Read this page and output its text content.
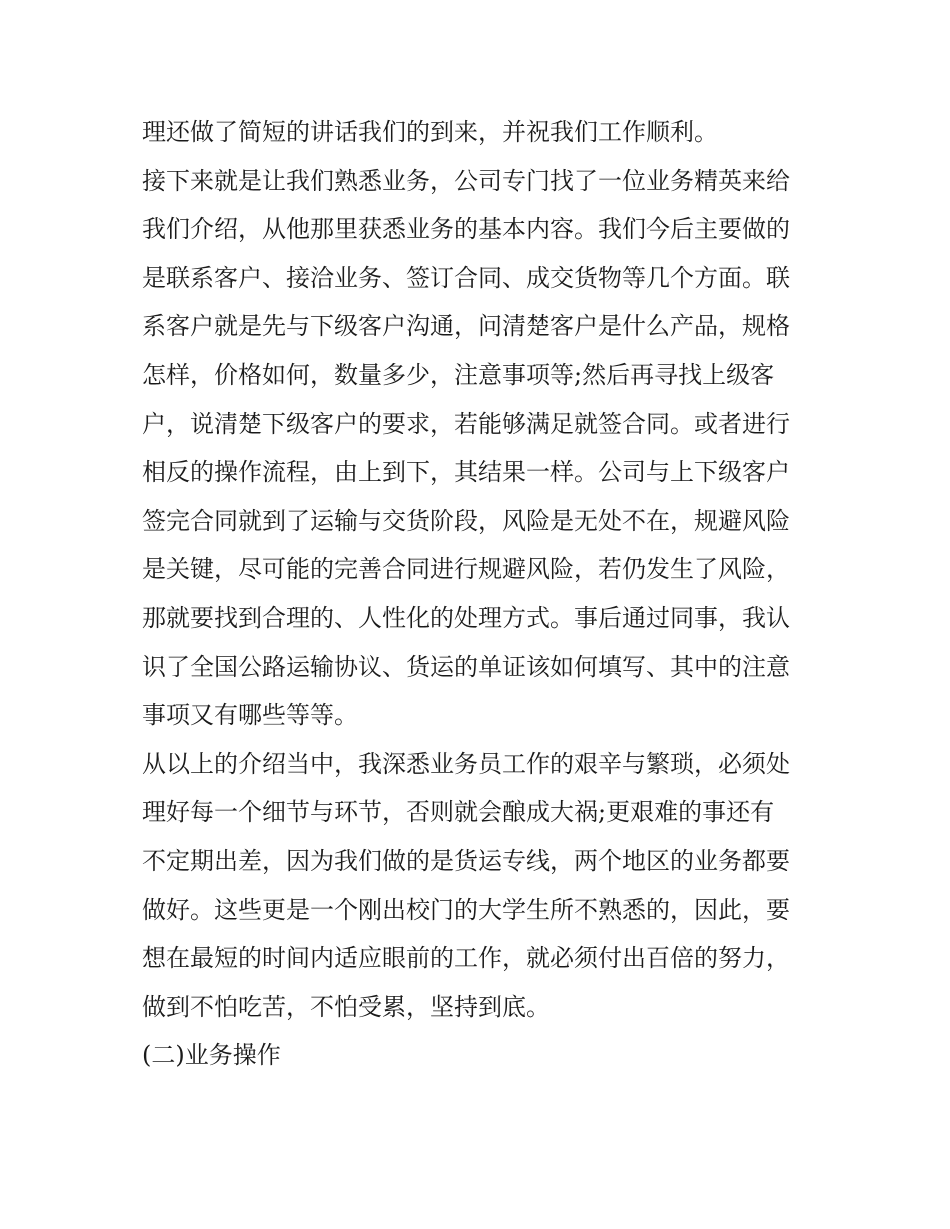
理还做了简短的讲话我们的到来，并祝我们工作顺利。
接下来就是让我们熟悉业务，公司专门找了一位业务精英来给
我们介绍，从他那里获悉业务的基本内容。我们今后主要做的
是联系客户、接洽业务、签订合同、成交货物等几个方面。联
系客户就是先与下级客户沟通，问清楚客户是什么产品，规格
怎样，价格如何，数量多少，注意事项等;然后再寻找上级客
户，说清楚下级客户的要求，若能够满足就签合同。或者进行
相反的操作流程，由上到下，其结果一样。公司与上下级客户
签完合同就到了运输与交货阶段，风险是无处不在，规避风险
是关键，尽可能的完善合同进行规避风险，若仍发生了风险，
那就要找到合理的、人性化的处理方式。事后通过同事，我认
识了全国公路运输协议、货运的单证该如何填写、其中的注意
事项又有哪些等等。
从以上的介绍当中，我深悉业务员工作的艰辛与繁琐，必须处
理好每一个细节与环节，否则就会酿成大祸;更艰难的事还有
不定期出差，因为我们做的是货运专线，两个地区的业务都要
做好。这些更是一个刚出校门的大学生所不熟悉的，因此，要
想在最短的时间内适应眼前的工作，就必须付出百倍的努力，
做到不怕吃苦，不怕受累，坚持到底。
(二)业务操作
